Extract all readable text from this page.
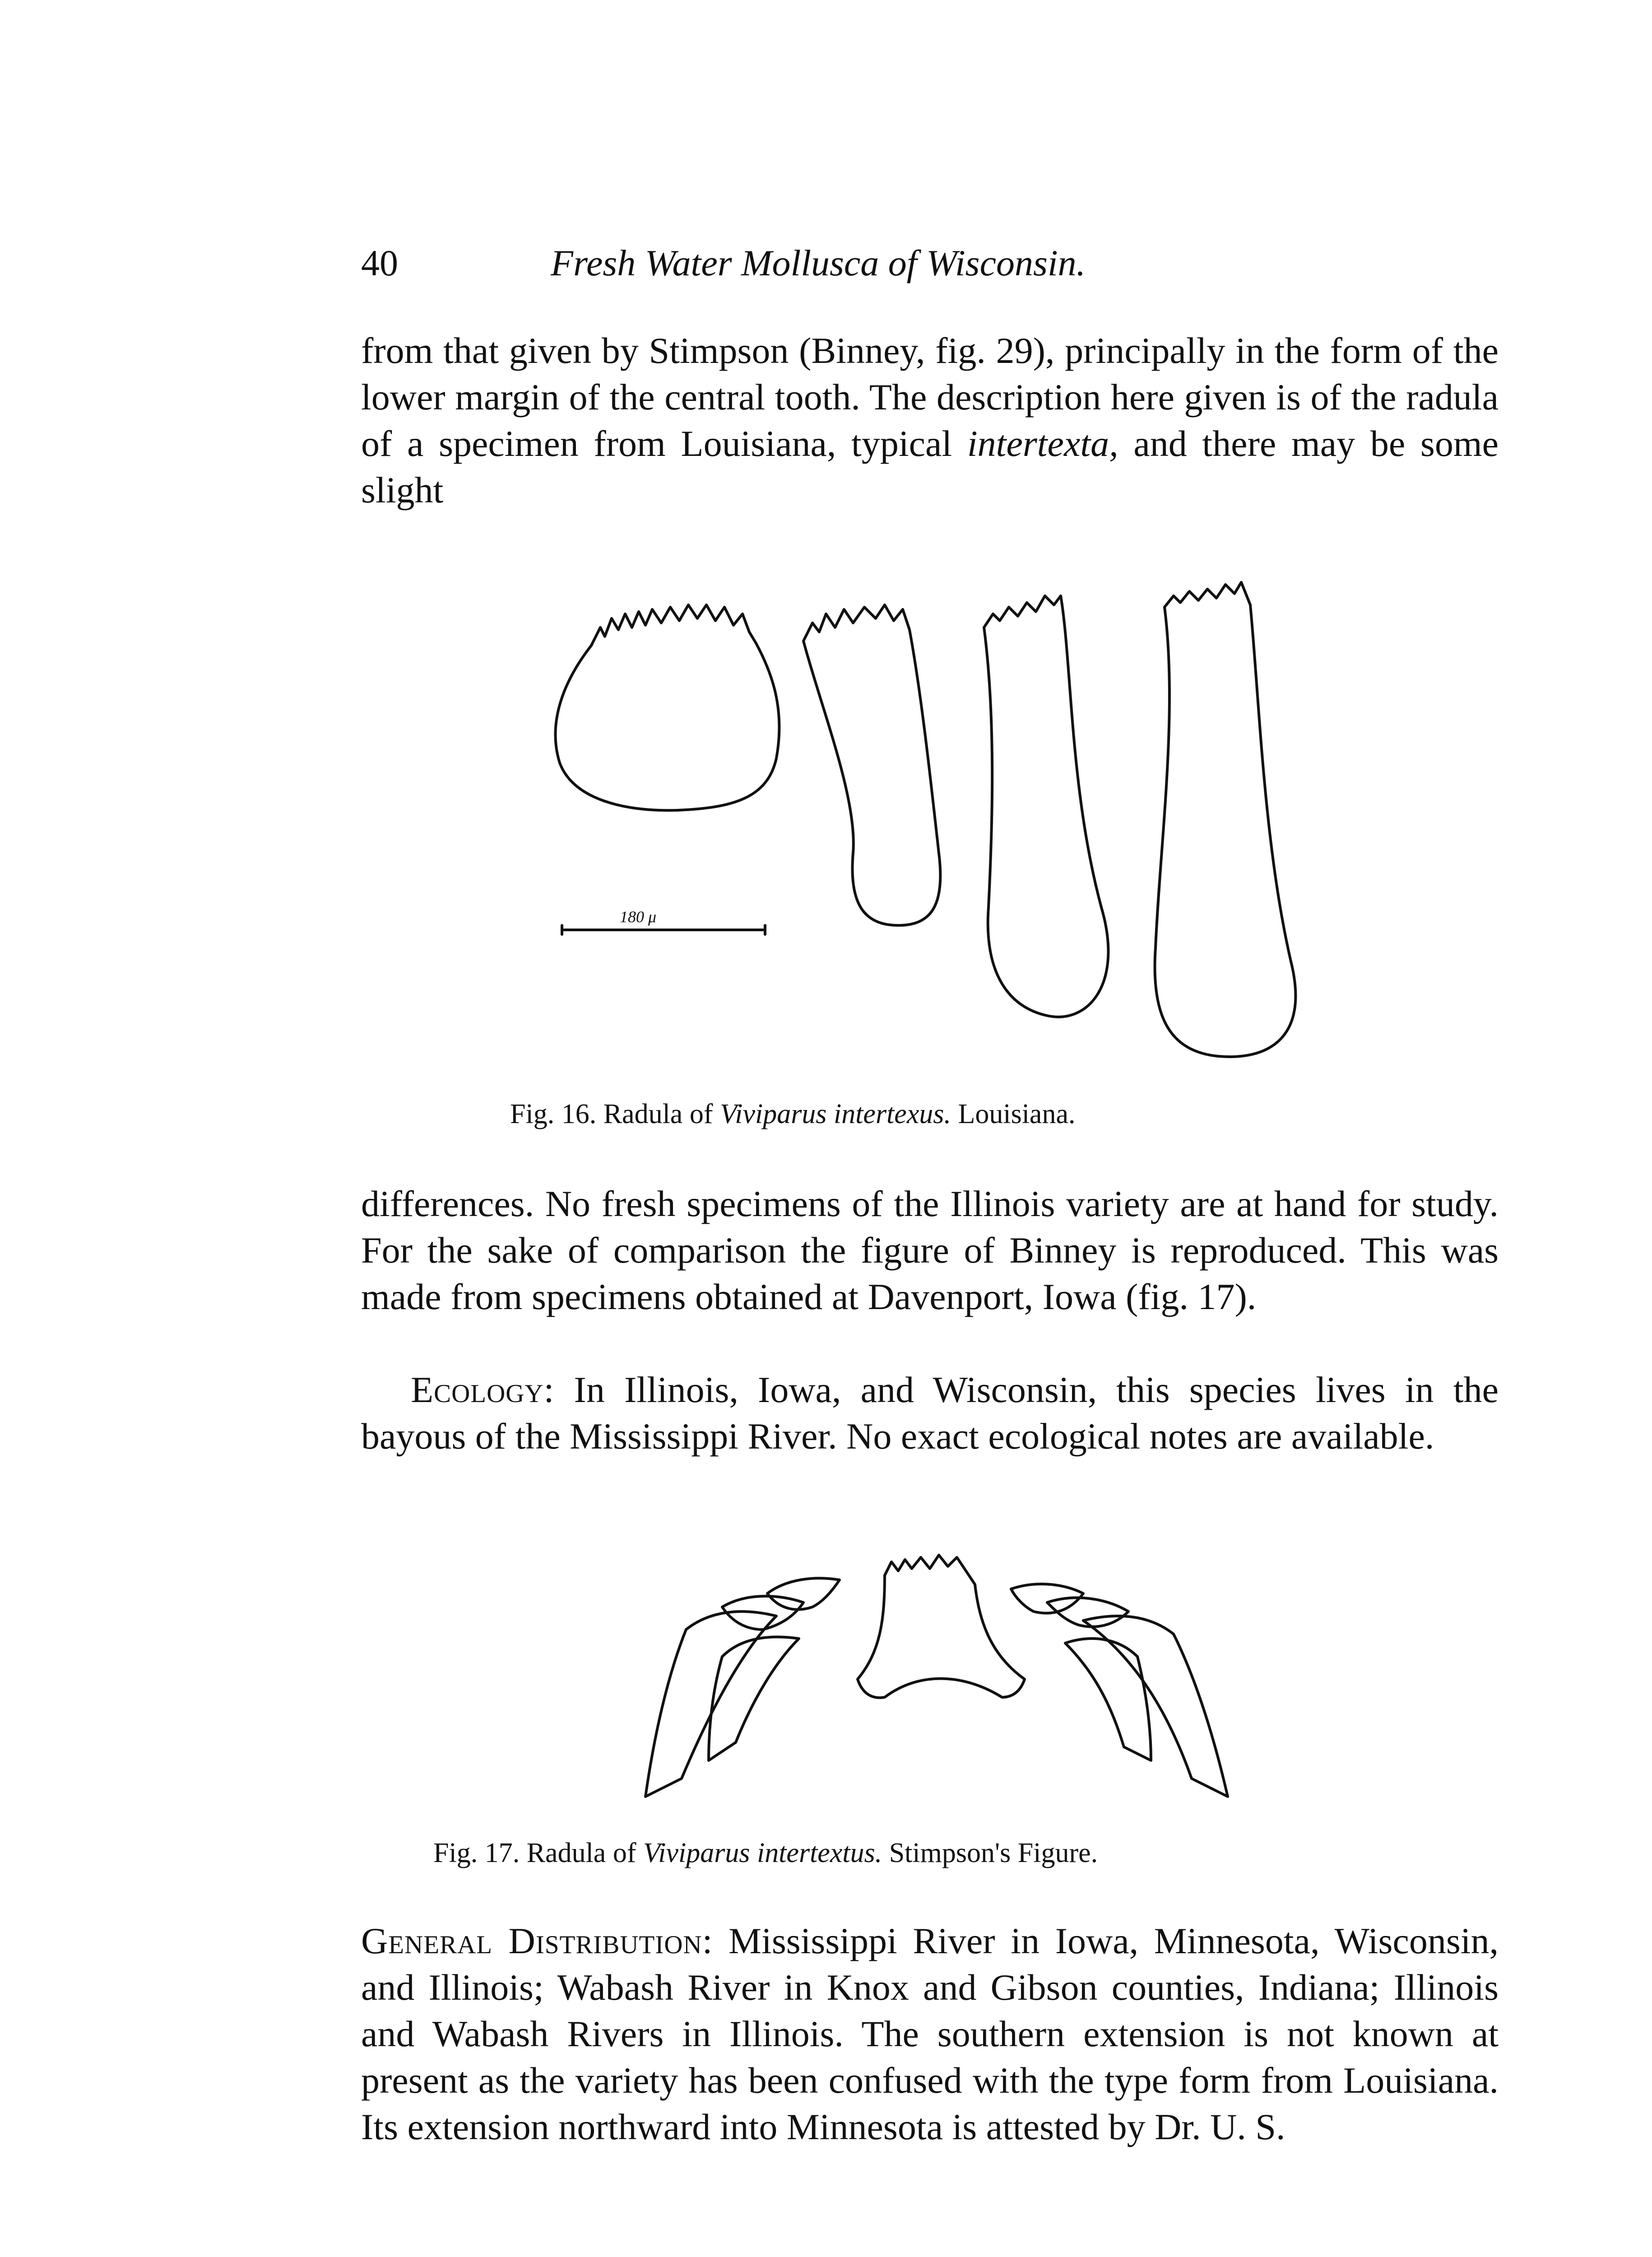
40	Fresh Water Mollusca of Wisconsin.

from that given by Stimpson (Binney, fig. 29), principally in the form of the lower margin of the central tooth. The description here given is of the radula of a specimen from Louisiana, typical intertexta, and there may be some slight

180 μ
Fig. 16. Radula of Viviparus intertexus. Louisiana.

differences. No fresh specimens of the Illinois variety are at hand for study. For the sake of comparison the figure of Binney is reproduced. This was made from specimens obtained at Davenport, Iowa (fig. 17).

Ecology: In Illinois, Iowa, and Wisconsin, this species lives in the bayous of the Mississippi River. No exact ecological notes are available.

Fig. 17. Radula of Viviparus intertextus. Stimpson's Figure.

General Distribution: Mississippi River in Iowa, Minnesota, Wisconsin, and Illinois; Wabash River in Knox and Gibson counties, Indiana; Illinois and Wabash Rivers in Illinois. The southern extension is not known at present as the variety has been confused with the type form from Louisiana. Its extension northward into Minnesota is attested by Dr. U. S.
